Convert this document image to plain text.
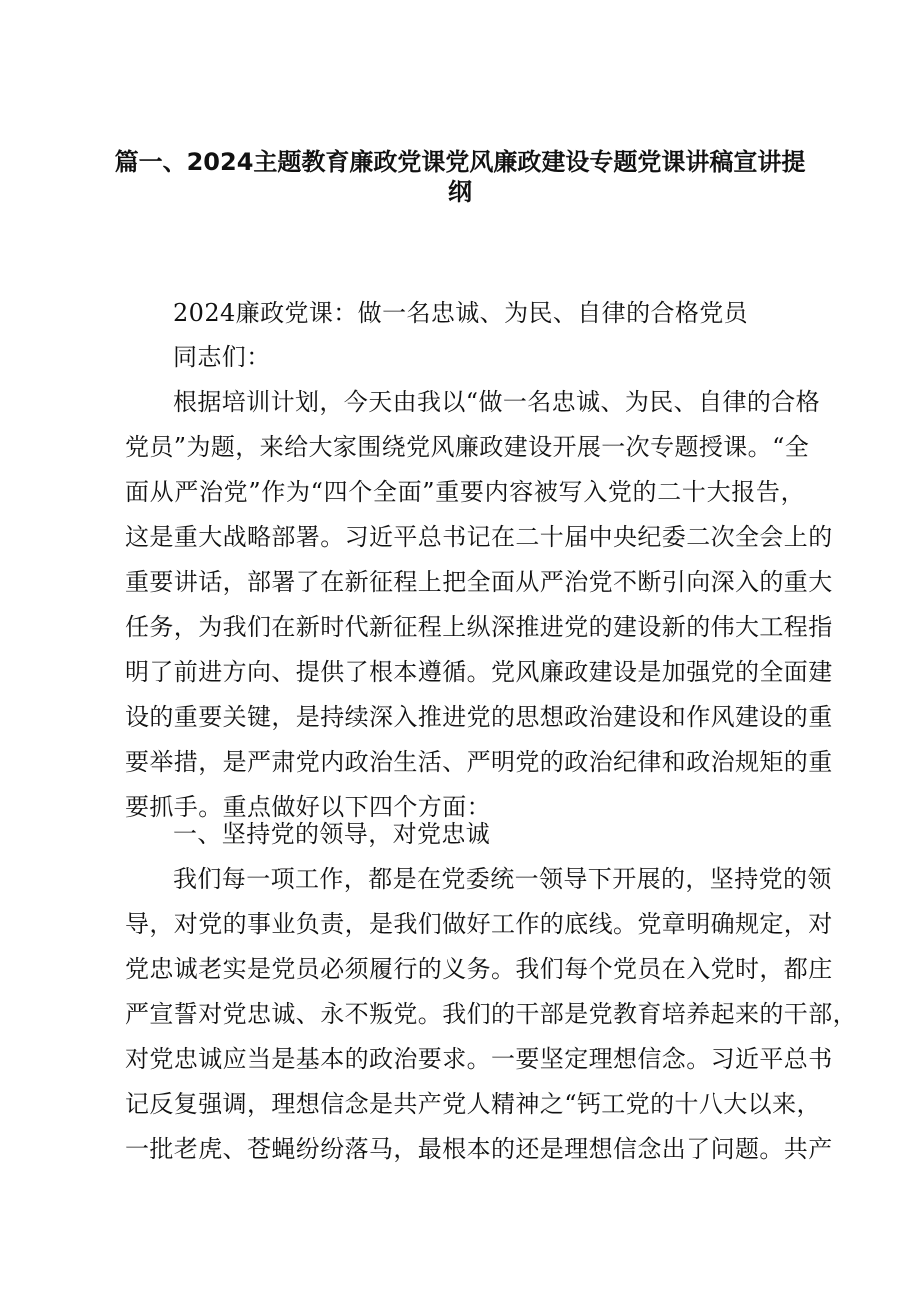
篇一、2024主题教育廉政党课党风廉政建设专题党课讲稿宣讲提
纲
2024廉政党课：做一名忠诚、为民、自律的合格党员
同志们：
根据培训计划，今天由我以“做一名忠诚、为民、自律的合格
党员”为题，来给大家围绕党风廉政建设开展一次专题授课。“全
面从严治党”作为“四个全面”重要内容被写入党的二十大报告，
这是重大战略部署。习近平总书记在二十届中央纪委二次全会上的
重要讲话，部署了在新征程上把全面从严治党不断引向深入的重大
任务，为我们在新时代新征程上纵深推进党的建设新的伟大工程指
明了前进方向、提供了根本遵循。党风廉政建设是加强党的全面建
设的重要关键，是持续深入推进党的思想政治建设和作风建设的重
要举措，是严肃党内政治生活、严明党的政治纪律和政治规矩的重
要抓手。重点做好以下四个方面：
一、坚持党的领导，对党忠诚
我们每一项工作，都是在党委统一领导下开展的，坚持党的领
导，对党的事业负责，是我们做好工作的底线。党章明确规定，对
党忠诚老实是党员必须履行的义务。我们每个党员在入党时，都庄
严宣誓对党忠诚、永不叛党。我们的干部是党教育培养起来的干部，
对党忠诚应当是基本的政治要求。一要坚定理想信念。习近平总书
记反复强调，理想信念是共产党人精神之“钙工党的十八大以来，
一批老虎、苍蝇纷纷落马，最根本的还是理想信念出了问题。共产
